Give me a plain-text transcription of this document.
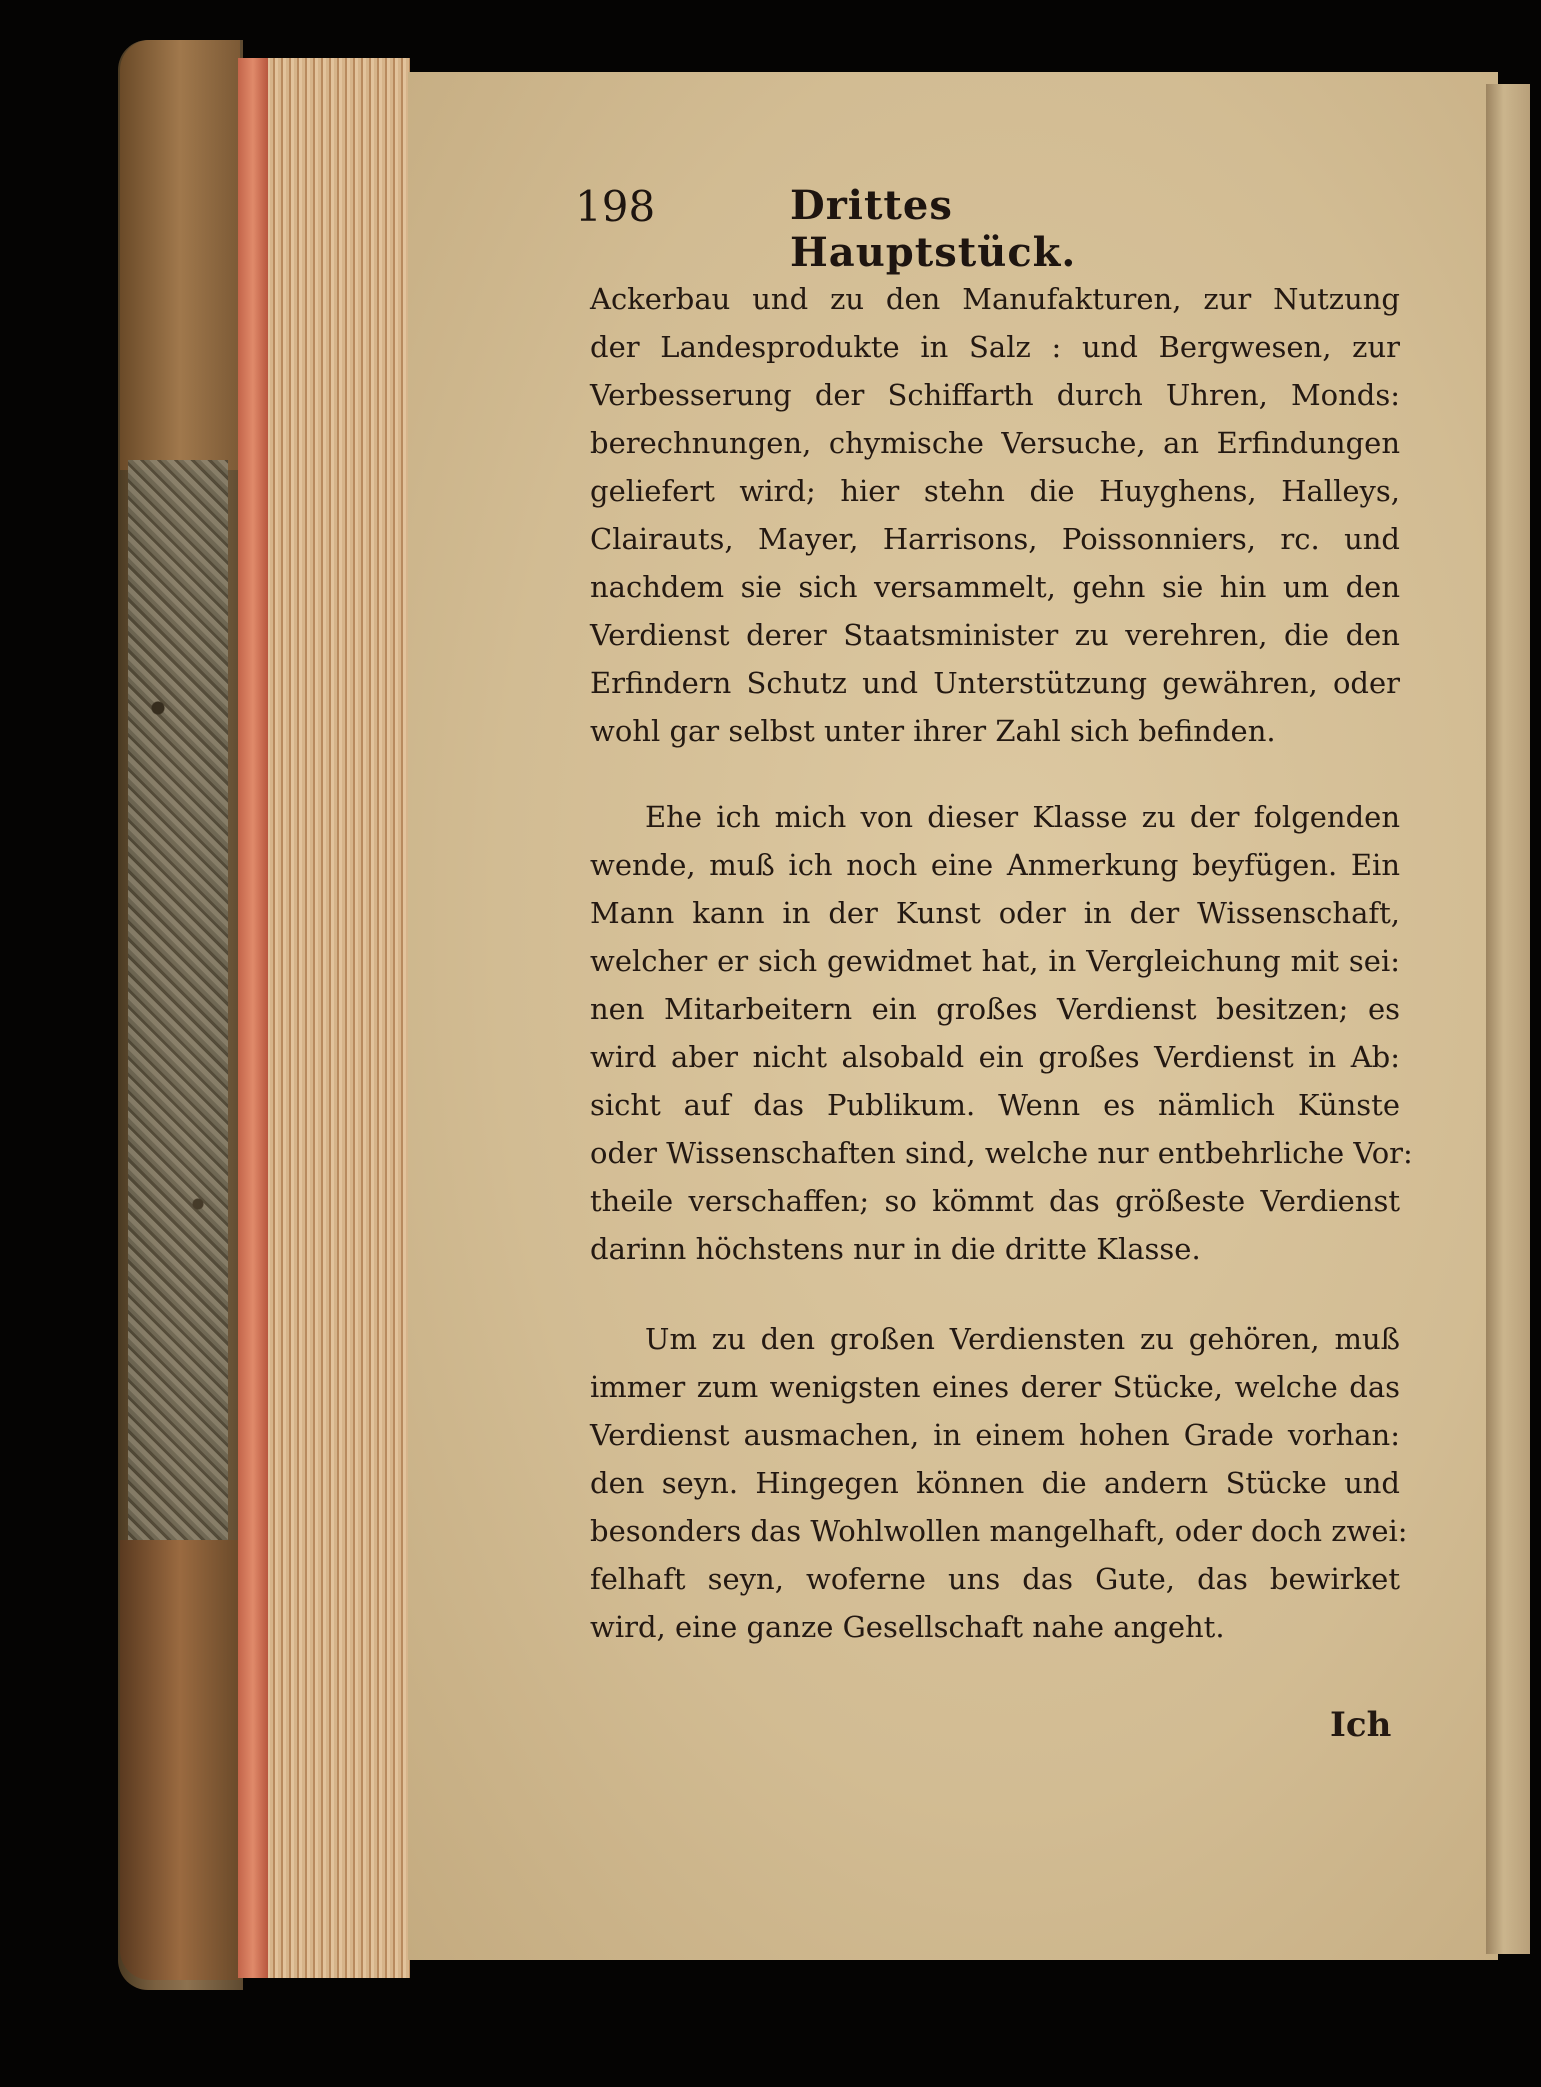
198	Drittes Hauptstück.

Ackerbau und zu den Manufakturen, zur Nutzung

der Landesprodukte in Salz : und Bergwesen, zur

Verbesserung der Schiffarth durch Uhren, Monds:

berechnungen, chymische Versuche, an Erfindungen

geliefert wird; hier stehn die Huyghens, Halleys,

Clairauts, Mayer, Harrisons, Poissonniers, rc. und

nachdem sie sich versammelt, gehn sie hin um den

Verdienst derer Staatsminister zu verehren, die den

Erfindern Schutz und Unterstützung gewähren, oder

wohl gar selbst unter ihrer Zahl sich befinden.

Ehe ich mich von dieser Klasse zu der folgenden

wende, muß ich noch eine Anmerkung beyfügen. Ein

Mann kann in der Kunst oder in der Wissenschaft,

welcher er sich gewidmet hat, in Vergleichung mit sei:

nen Mitarbeitern ein großes Verdienst besitzen; es

wird aber nicht alsobald ein großes Verdienst in Ab:

sicht auf das Publikum. Wenn es nämlich Künste

oder Wissenschaften sind, welche nur entbehrliche Vor:

theile verschaffen; so kömmt das größeste Verdienst

darinn höchstens nur in die dritte Klasse.

Um zu den großen Verdiensten zu gehören, muß

immer zum wenigsten eines derer Stücke, welche das

Verdienst ausmachen, in einem hohen Grade vorhan:

den seyn. Hingegen können die andern Stücke und

besonders das Wohlwollen mangelhaft, oder doch zwei:

felhaft seyn, woferne uns das Gute, das bewirket

wird, eine ganze Gesellschaft nahe angeht.

Ich
